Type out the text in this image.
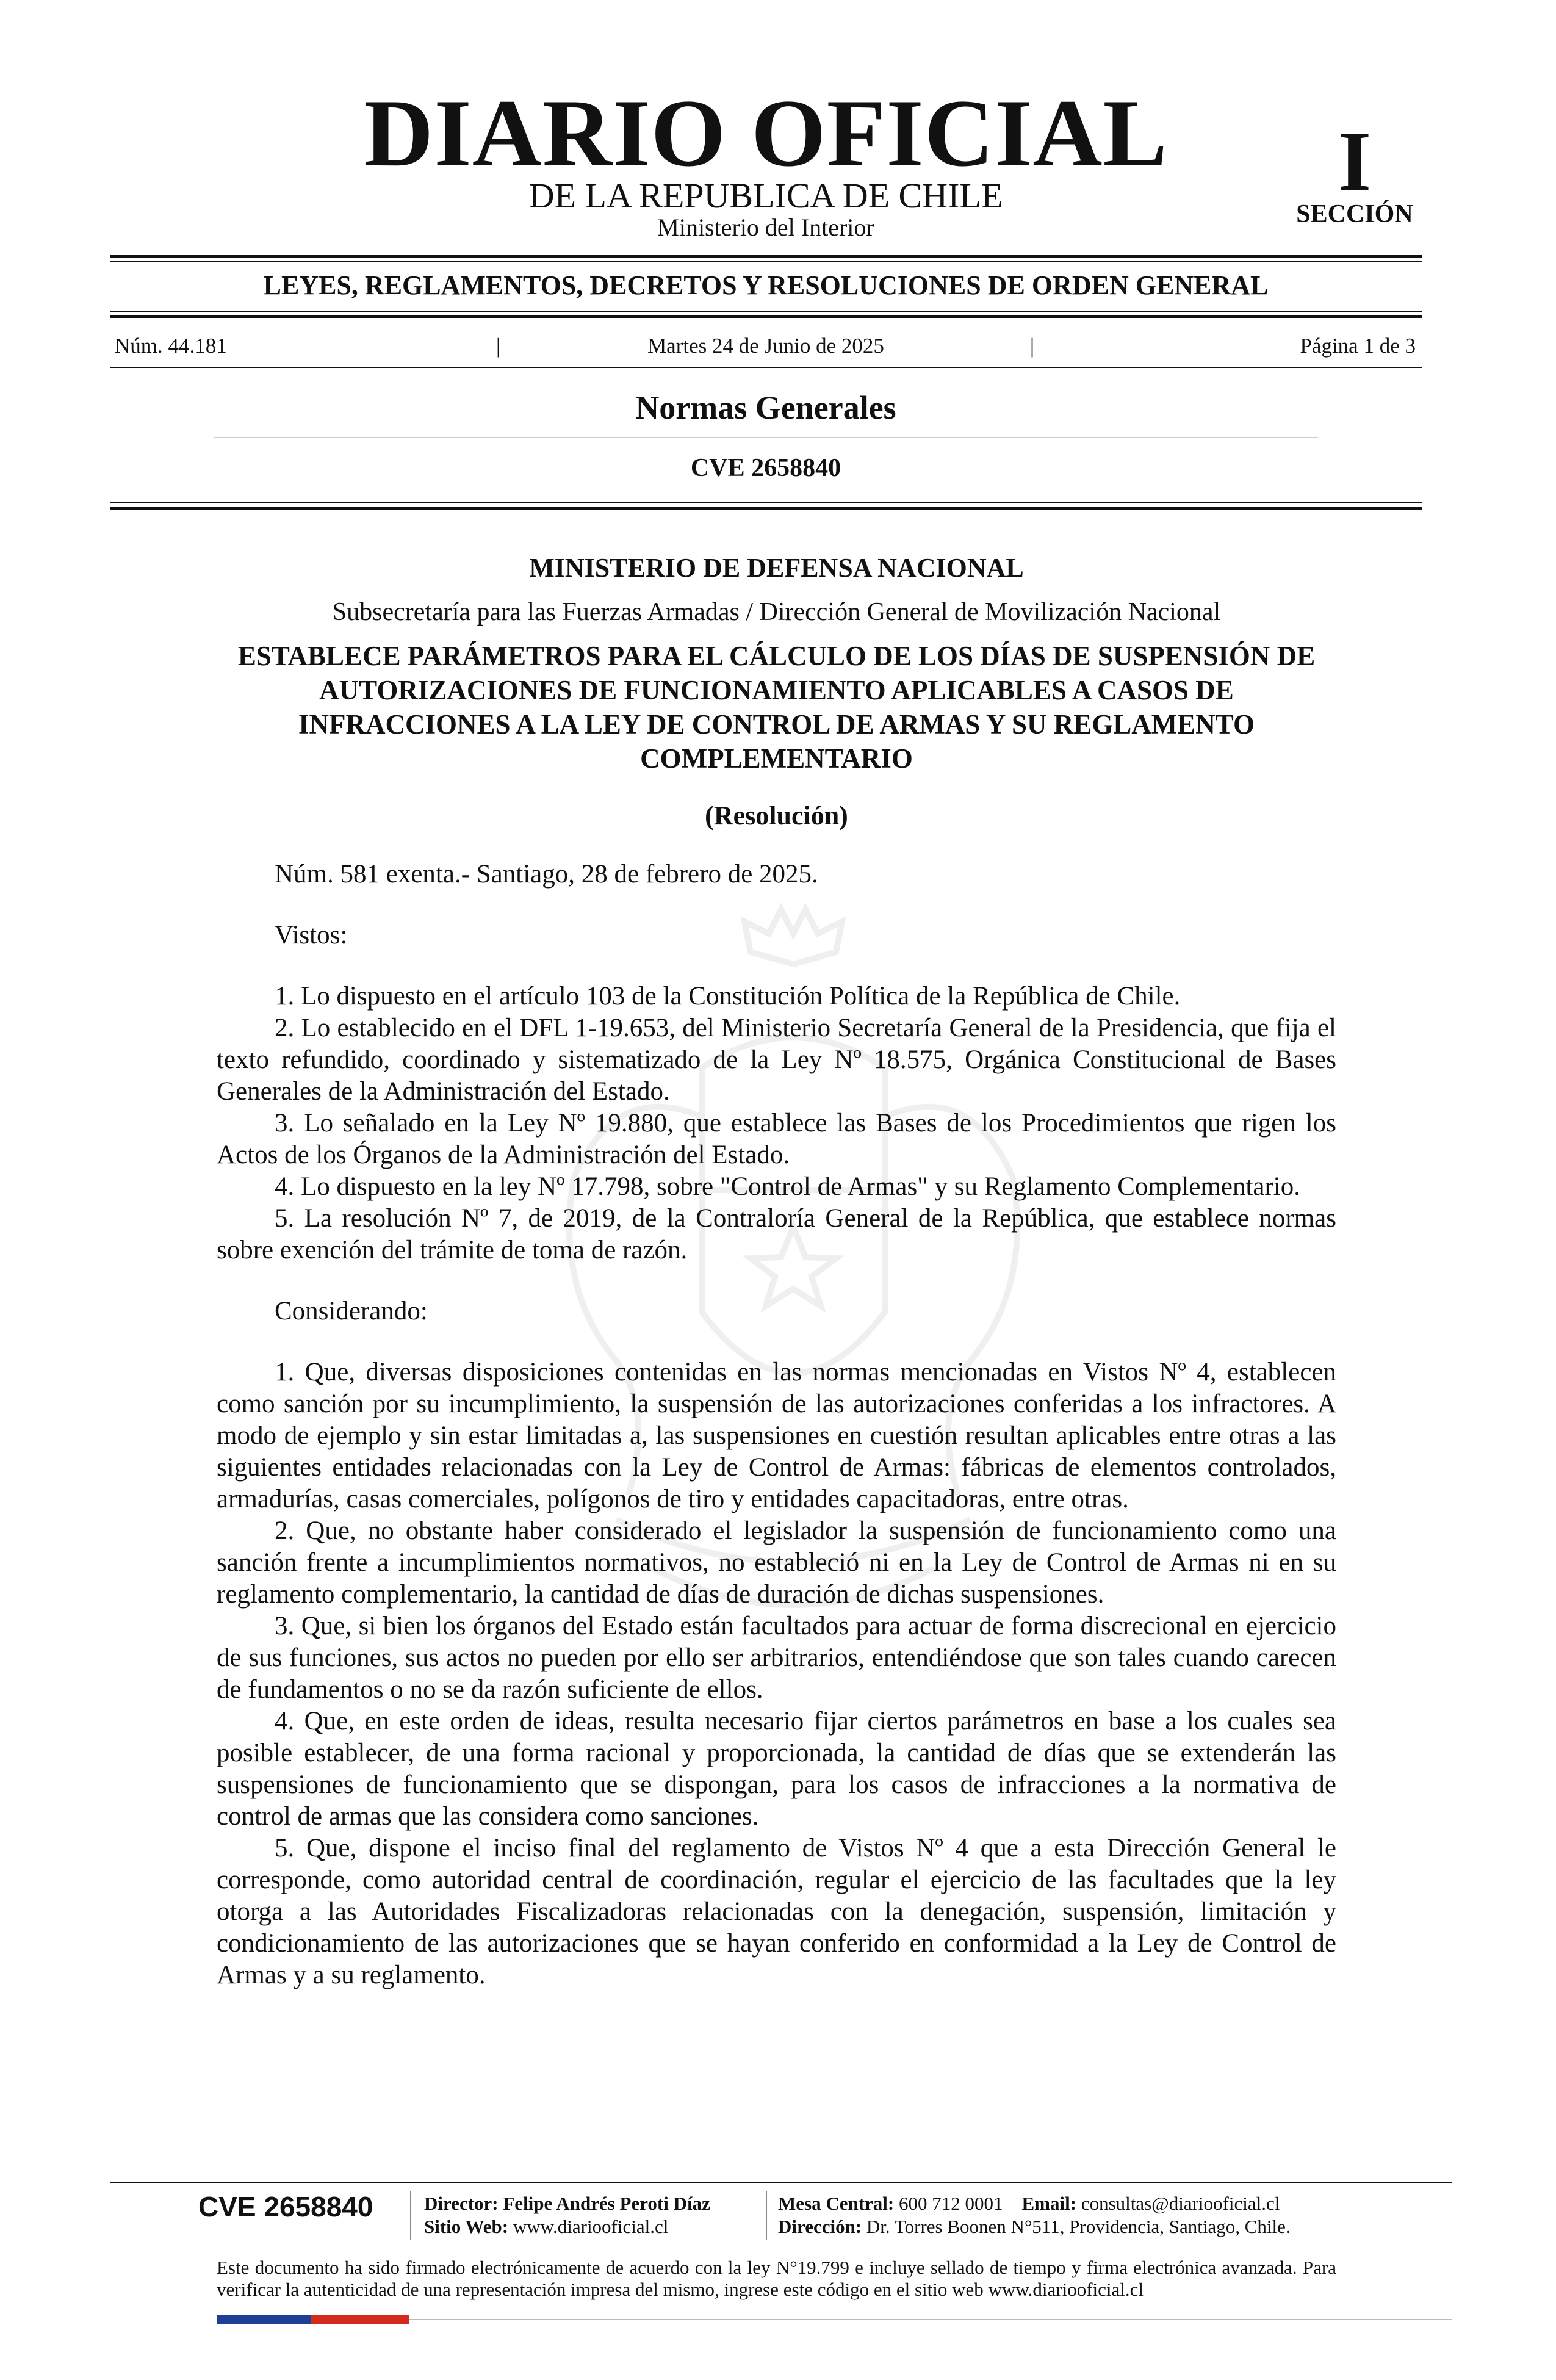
DIARIO OFICIAL
DE LA REPUBLICA DE CHILE
Ministerio del Interior
I
SECCIÓN
LEYES, REGLAMENTOS, DECRETOS Y RESOLUCIONES DE ORDEN GENERAL
Núm. 44.181	|	Martes 24 de Junio de 2025	|	Página 1 de 3
Normas Generales
CVE 2658840

MINISTERIO DE DEFENSA NACIONAL

Subsecretaría para las Fuerzas Armadas / Dirección General de Movilización Nacional

ESTABLECE PARÁMETROS PARA EL CÁLCULO DE LOS DÍAS DE SUSPENSIÓN DE AUTORIZACIONES DE FUNCIONAMIENTO APLICABLES A CASOS DE INFRACCIONES A LA LEY DE CONTROL DE ARMAS Y SU REGLAMENTO COMPLEMENTARIO

(Resolución)

Núm. 581 exenta.- Santiago, 28 de febrero de 2025.

Vistos:

1. Lo dispuesto en el artículo 103 de la Constitución Política de la República de Chile.

2. Lo establecido en el DFL 1-19.653, del Ministerio Secretaría General de la Presidencia, que fija el texto refundido, coordinado y sistematizado de la Ley Nº 18.575, Orgánica Constitucional de Bases Generales de la Administración del Estado.

3. Lo señalado en la Ley Nº 19.880, que establece las Bases de los Procedimientos que rigen los Actos de los Órganos de la Administración del Estado.

4. Lo dispuesto en la ley Nº 17.798, sobre "Control de Armas" y su Reglamento Complementario.

5. La resolución Nº 7, de 2019, de la Contraloría General de la República, que establece normas sobre exención del trámite de toma de razón.

Considerando:

1. Que, diversas disposiciones contenidas en las normas mencionadas en Vistos Nº 4, establecen como sanción por su incumplimiento, la suspensión de las autorizaciones conferidas a los infractores. A modo de ejemplo y sin estar limitadas a, las suspensiones en cuestión resultan aplicables entre otras a las siguientes entidades relacionadas con la Ley de Control de Armas: fábricas de elementos controlados, armadurías, casas comerciales, polígonos de tiro y entidades capacitadoras, entre otras.

2. Que, no obstante haber considerado el legislador la suspensión de funcionamiento como una sanción frente a incumplimientos normativos, no estableció ni en la Ley de Control de Armas ni en su reglamento complementario, la cantidad de días de duración de dichas suspensiones.

3. Que, si bien los órganos del Estado están facultados para actuar de forma discrecional en ejercicio de sus funciones, sus actos no pueden por ello ser arbitrarios, entendiéndose que son tales cuando carecen de fundamentos o no se da razón suficiente de ellos.

4. Que, en este orden de ideas, resulta necesario fijar ciertos parámetros en base a los cuales sea posible establecer, de una forma racional y proporcionada, la cantidad de días que se extenderán las suspensiones de funcionamiento que se dispongan, para los casos de infracciones a la normativa de control de armas que las considera como sanciones.

5. Que, dispone el inciso final del reglamento de Vistos Nº 4 que a esta Dirección General le corresponde, como autoridad central de coordinación, regular el ejercicio de las facultades que la ley otorga a las Autoridades Fiscalizadoras relacionadas con la denegación, suspensión, limitación y condicionamiento de las autorizaciones que se hayan conferido en conformidad a la Ley de Control de Armas y a su reglamento.

CVE 2658840	Director: Felipe Andrés Peroti Díaz
Sitio Web: www.diariooficial.cl
Mesa Central: 600 712 0001 Email: consultas@diariooficial.cl
Dirección: Dr. Torres Boonen N°511, Providencia, Santiago, Chile.
Este documento ha sido firmado electrónicamente de acuerdo con la ley N°19.799 e incluye sellado de tiempo y firma electrónica avanzada. Para verificar la autenticidad de una representación impresa del mismo, ingrese este código en el sitio web www.diariooficial.cl
